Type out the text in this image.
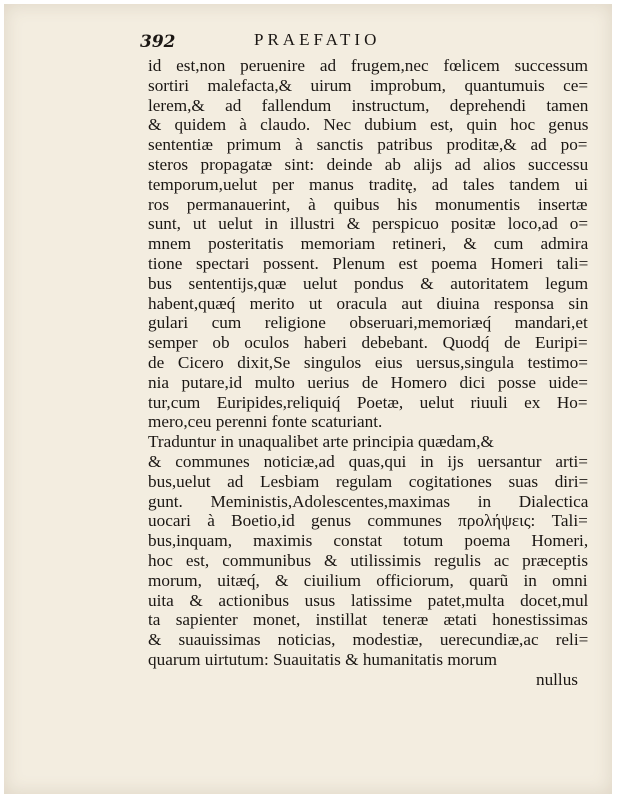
392	PRAEFATIO
id est,non peruenire ad frugem,nec fœlicem successum
sortiri malefacta,& uirum improbum, quantumuis ce=
lerem,& ad fallendum instructum, deprehendi tamen
& quidem à claudo. Nec dubium est, quin hoc genus
sententiæ primum à sanctis patribus proditæ,& ad po=
steros propagatæ sint: deinde ab alijs ad alios successu
temporum,uelut per manus traditę, ad tales tandem ui
ros permanauerint, à quibus his monumentis insertæ
sunt, ut uelut in illustri & perspicuo positæ loco,ad o=
mnem posteritatis memoriam retineri, & cum admira
tione spectari possent. Plenum est poema Homeri tali=
bus sententijs,quæ uelut pondus & autoritatem legum
habent,quæq́ merito ut oracula aut diuina responsa sin
gulari cum religione obseruari,memoriæq́ mandari,et
semper ob oculos haberi debebant. Quodq́ de Euripi=
de Cicero dixit,Se singulos eius uersus,singula testimo=
nia putare,id multo uerius de Homero dici posse uide=
tur,cum Euripides,reliquiq́ Poetæ, uelut riuuli ex Ho=
mero,ceu perenni fonte scaturiant.
Traduntur in unaqualibet arte principia quædam,&
& communes noticiæ,ad quas,qui in ijs uersantur arti=
bus,uelut ad Lesbiam regulam cogitationes suas diri=
gunt. Meministis,Adolescentes,maximas in Dialectica
uocari à Boetio,id genus communes προλήψεις: Tali=
bus,inquam, maximis constat totum poema Homeri,
hoc est, communibus & utilissimis regulis ac præceptis
morum, uitæq́, & ciuilium officiorum, quarũ in omni
uita & actionibus usus latissime patet,multa docet,mul
ta sapienter monet, instillat teneræ ætati honestissimas
& suauissimas noticias, modestiæ, uerecundiæ,ac reli=
quarum uirtutum: Suauitatis & humanitatis morum
nullus
